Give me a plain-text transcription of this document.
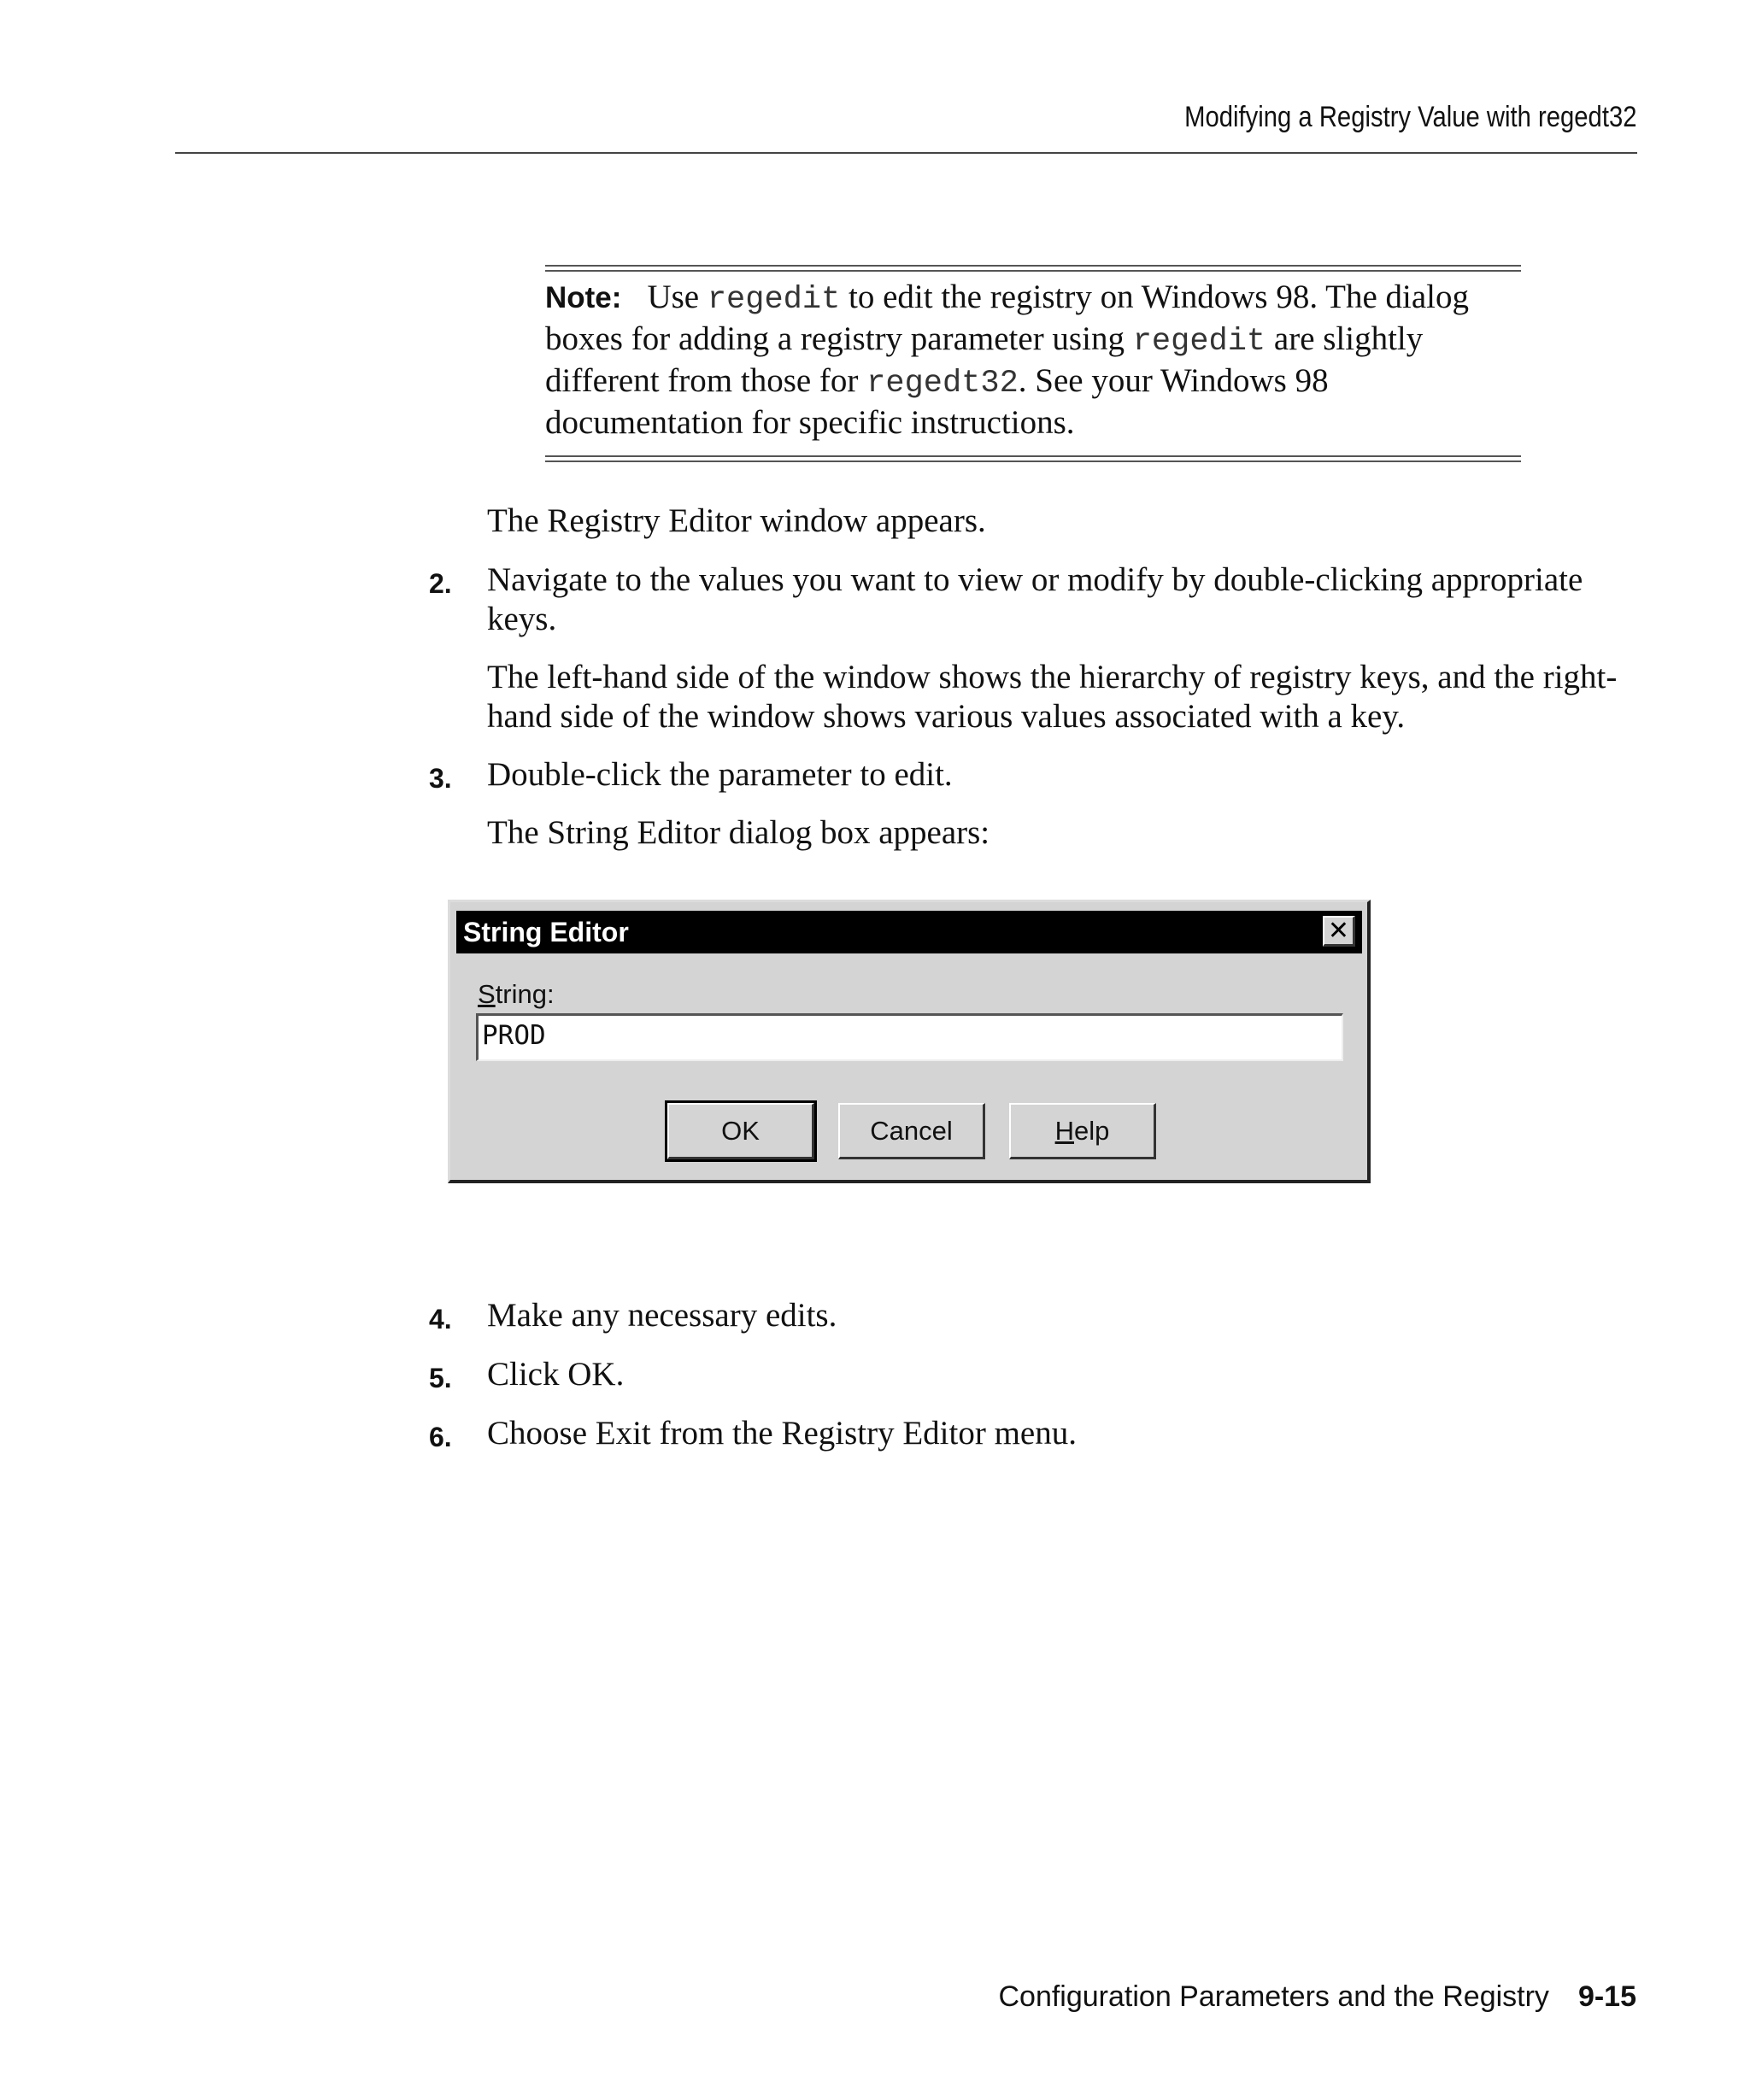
Modifying a Registry Value with regedt32
Note: Use regedit to edit the registry on Windows 98. The dialog boxes for adding a registry parameter using regedit are slightly different from those for regedt32. See your Windows 98 documentation for specific instructions.
The Registry Editor window appears.
2. Navigate to the values you want to view or modify by double-clicking appropriate keys.
The left-hand side of the window shows the hierarchy of registry keys, and the right-hand side of the window shows various values associated with a key.
3. Double-click the parameter to edit.
The String Editor dialog box appears:
String Editor	✕
String:
PROD
OK	Cancel	H elp
4. Make any necessary edits.
5. Click OK.
6. Choose Exit from the Registry Editor menu.
Configuration Parameters and the Registry 9-15
